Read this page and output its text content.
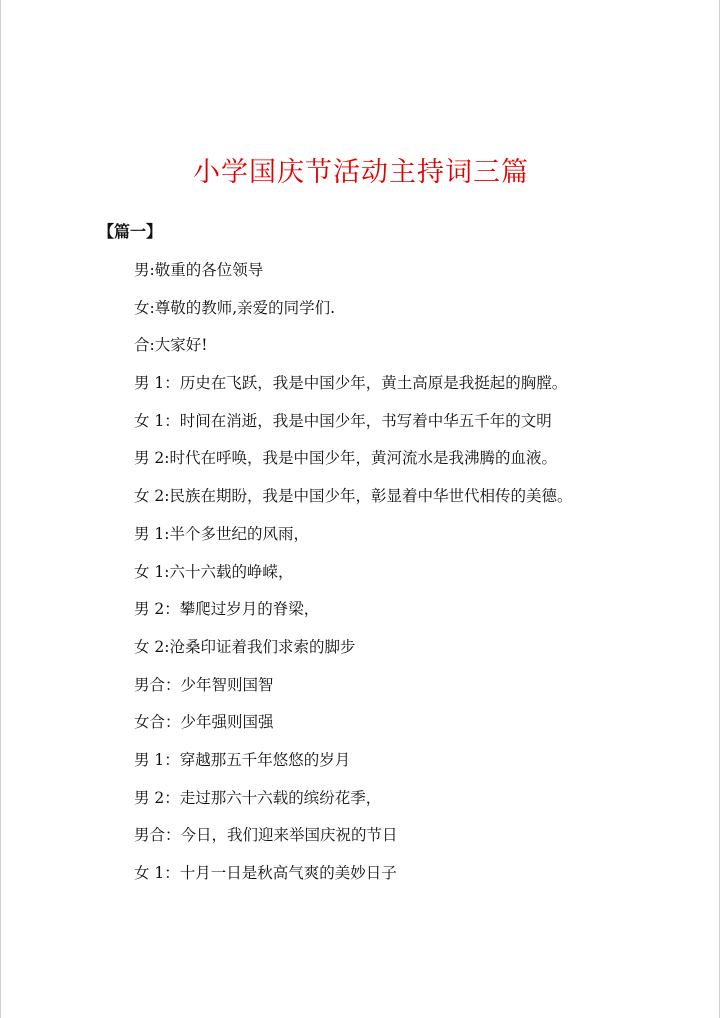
小学国庆节活动主持词三篇
【篇一】
男:敬重的各位领导
女:尊敬的教师,亲爱的同学们.
合:大家好!
男 1：历史在飞跃，我是中国少年，黄土高原是我挺起的胸膛。
女 1：时间在消逝，我是中国少年，书写着中华五千年的文明
男 2:时代在呼唤，我是中国少年，黄河流水是我沸腾的血液。
女 2:民族在期盼，我是中国少年，彰显着中华世代相传的美德。
男 1:半个多世纪的风雨，
女 1:六十六载的峥嵘，
男 2：攀爬过岁月的脊梁，
女 2:沧桑印证着我们求索的脚步
男合：少年智则国智
女合：少年强则国强
男 1：穿越那五千年悠悠的岁月
男 2：走过那六十六载的缤纷花季，
男合：今日，我们迎来举国庆祝的节日
女 1：十月一日是秋高气爽的美妙日子
